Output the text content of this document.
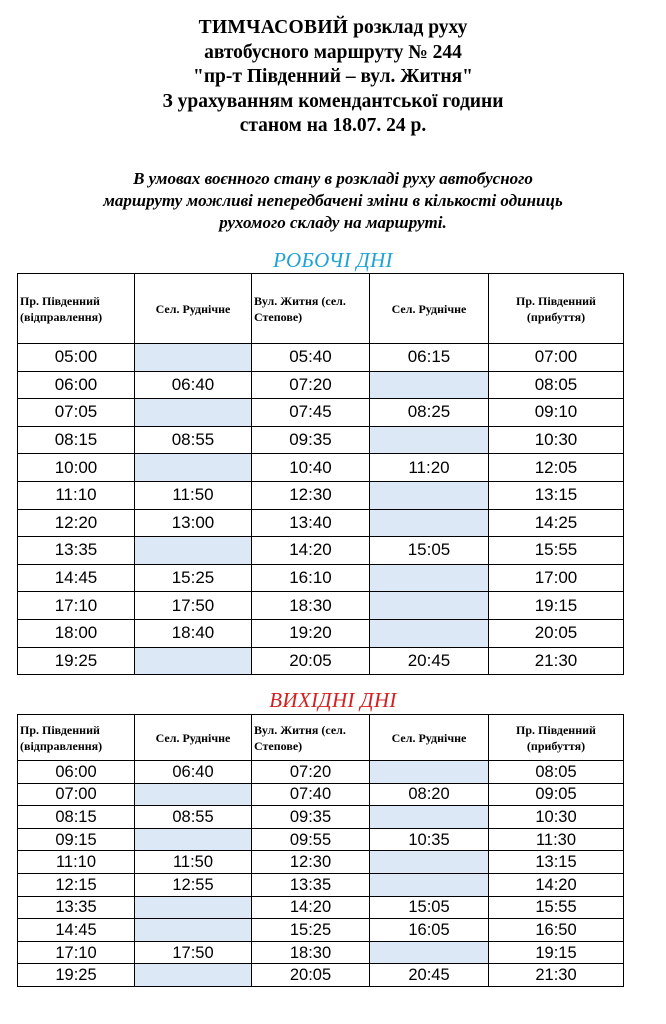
ТИМЧАСОВИЙ розклад руху
автобусного маршруту № 244
"пр-т Південний – вул. Житня"
З урахуванням комендантської години
станом на 18.07. 24 р.
В умовах воєнного стану в розкладі руху автобусного
маршруту можливі непередбачені зміни в кількості одиниць
рухомого складу на маршруті.
РОБОЧІ ДНІ
Пр. Південний (відправлення)	Сел. Руднічне	Вул. Житня (сел. Степове)	Сел. Руднічне	Пр. Південний (прибуття)
05:00		05:40	06:15	07:00
06:00	06:40	07:20		08:05
07:05		07:45	08:25	09:10
08:15	08:55	09:35		10:30
10:00		10:40	11:20	12:05
11:10	11:50	12:30		13:15
12:20	13:00	13:40		14:25
13:35		14:20	15:05	15:55
14:45	15:25	16:10		17:00
17:10	17:50	18:30		19:15
18:00	18:40	19:20		20:05
19:25		20:05	20:45	21:30
ВИХІДНІ ДНІ
Пр. Південний (відправлення)	Сел. Руднічне	Вул. Житня (сел. Степове)	Сел. Руднічне	Пр. Південний (прибуття)
06:00	06:40	07:20		08:05
07:00		07:40	08:20	09:05
08:15	08:55	09:35		10:30
09:15		09:55	10:35	11:30
11:10	11:50	12:30		13:15
12:15	12:55	13:35		14:20
13:35		14:20	15:05	15:55
14:45		15:25	16:05	16:50
17:10	17:50	18:30		19:15
19:25		20:05	20:45	21:30
